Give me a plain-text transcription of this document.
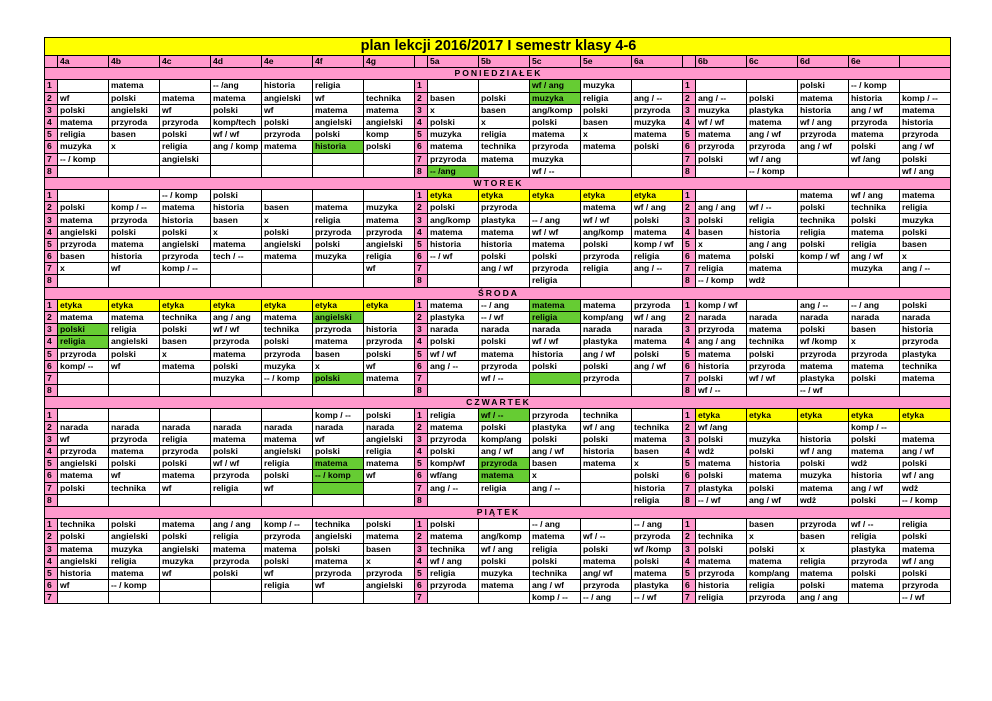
plan lekcji 2016/2017 I semestr klasy 4-6																			
	4a	4b	4c	4d	4e	4f	4g		5a	5b	5c	5e	6a		6b	6c	6d	6e	
PONIEDZIAŁEK																			
1		matema		-- /ang	historia	religia		1			wf / ang	muzyka		1			polski	-- / komp	
2	wf	polski	matema	matema	angielski	wf	technika	2	basen	polski	muzyka	religia	ang / --	2	ang / --	polski	matema	historia	komp / --
3	polski	angielski	wf	polski	wf	matema	matema	3	x	basen	ang/komp	polski	przyroda	3	muzyka	plastyka	historia	ang / wf	matema
4	matema	przyroda	przyroda	komp/tech	polski	angielski	angielski	4	polski	x	polski	basen	muzyka	4	wf / wf	matema	wf / ang	przyroda	historia
5	religia	basen	polski	wf / wf	przyroda	polski	komp	5	muzyka	religia	matema	x	matema	5	matema	ang / wf	przyroda	matema	przyroda
6	muzyka	x	religia	ang / komp	matema	historia	polski	6	matema	technika	przyroda	matema	polski	6	przyroda	przyroda	ang / wf	polski	ang / wf
7	-- / komp		angielski					7	przyroda	matema	muzyka			7	polski	wf / ang		wf /ang	polski
8								8	-- /ang		wf / --			8		-- / komp			wf / ang
WTOREK																			
1			-- / komp	polski				1	etyka	etyka	etyka	etyka	etyka	1			matema	wf / ang	matema
2	polski	komp / --	matema	historia	basen	matema	muzyka	2	polski	przyroda		matema	wf / ang	2	ang / ang	wf / --	polski	technika	religia
3	matema	przyroda	historia	basen	x	religia	matema	3	ang/komp	plastyka	-- / ang	wf / wf	polski	3	polski	religia	technika	polski	muzyka
4	angielski	polski	polski	x	polski	przyroda	przyroda	4	matema	matema	wf / wf	ang/komp	matema	4	basen	historia	religia	matema	polski
5	przyroda	matema	angielski	matema	angielski	polski	angielski	5	historia	historia	matema	polski	komp / wf	5	x	ang / ang	polski	religia	basen
6	basen	historia	przyroda	tech / --	matema	muzyka	religia	6	-- / wf	polski	polski	przyroda	religia	6	matema	polski	komp / wf	ang / wf	x
7	x	wf	komp / --				wf	7		ang / wf	przyroda	religia	ang / --	7	religia	matema		muzyka	ang / --
8								8			religia			8	-- / komp	wdż			
ŚRODA																			
1	etyka	etyka	etyka	etyka	etyka	etyka	etyka	1	matema	-- / ang	matema	matema	przyroda	1	komp / wf		ang / --	-- / ang	polski
2	matema	matema	technika	ang / ang	matema	angielski		2	plastyka	-- / wf	religia	komp/ang	wf / ang	2	narada	narada	narada	narada	narada
3	polski	religia	polski	wf / wf	technika	przyroda	historia	3	narada	narada	narada	narada	narada	3	przyroda	matema	polski	basen	historia
4	religia	angielski	basen	przyroda	polski	matema	przyroda	4	polski	polski	wf / wf	plastyka	matema	4	ang / ang	technika	wf /komp	x	przyroda
5	przyroda	polski	x	matema	przyroda	basen	polski	5	wf / wf	matema	historia	ang / wf	polski	5	matema	polski	przyroda	przyroda	plastyka
6	komp/ --	wf	matema	polski	muzyka	x	wf	6	ang / --	przyroda	polski	polski	ang / wf	6	historia	przyroda	matema	matema	technika
7				muzyka	-- / komp	polski	matema	7		wf / --		przyroda		7	polski	wf / wf	plastyka	polski	matema
8								8						8	wf / --		-- / wf		
CZWARTEK																			
1						komp / --	polski	1	religia	wf / --	przyroda	technika		1	etyka	etyka	etyka	etyka	etyka
2	narada	narada	narada	narada	narada	narada	narada	2	matema	polski	plastyka	wf / ang	technika	2	wf /ang			komp / --	
3	wf	przyroda	religia	matema	matema	wf	angielski	3	przyroda	komp/ang	polski	polski	matema	3	polski	muzyka	historia	polski	matema
4	przyroda	matema	przyroda	polski	angielski	polski	religia	4	polski	ang / wf	ang / wf	historia	basen	4	wdż	polski	wf / ang	matema	ang / wf
5	angielski	polski	polski	wf / wf	religia	matema	matema	5	komp/wf	przyroda	basen	matema	x	5	matema	historia	polski	wdż	polski
6	matema	wf	matema	przyroda	polski	-- / komp	wf	6	wf/ang	matema	x		polski	6	polski	matema	muzyka	historia	wf / ang
7	polski	technika	wf	religia	wf			7	ang / --	religia	ang / --		historia	7	plastyka	polski	matema	ang / wf	wdż
8								8					religia	8	-- / wf	ang / wf	wdż	polski	-- / komp
PIĄTEK																			
1	technika	polski	matema	ang / ang	komp / --	technika	polski	1	polski		-- / ang		-- / ang	1		basen	przyroda	wf / --	religia
2	polski	angielski	polski	religia	przyroda	angielski	matema	2	matema	ang/komp	matema	wf / --	przyroda	2	technika	x	basen	religia	polski
3	matema	muzyka	angielski	matema	matema	polski	basen	3	technika	wf / ang	religia	polski	wf /komp	3	polski	polski	x	plastyka	matema
4	angielski	religia	muzyka	przyroda	polski	matema	x	4	wf / ang	polski	polski	matema	polski	4	matema	matema	religia	przyroda	wf / ang
5	historia	matema	wf	polski	wf	przyroda	przyroda	5	religia	muzyka	technika	ang/ wf	matema	5	przyroda	komp/ang	matema	polski	polski
6	wf	-- / komp			religia	wf	angielski	6	przyroda	matema	ang / wf	przyroda	plastyka	6	historia	religia	polski	matema	przyroda
7								7			komp / --	-- / ang	-- / wf	7	religia	przyroda	ang / ang		-- / wf
